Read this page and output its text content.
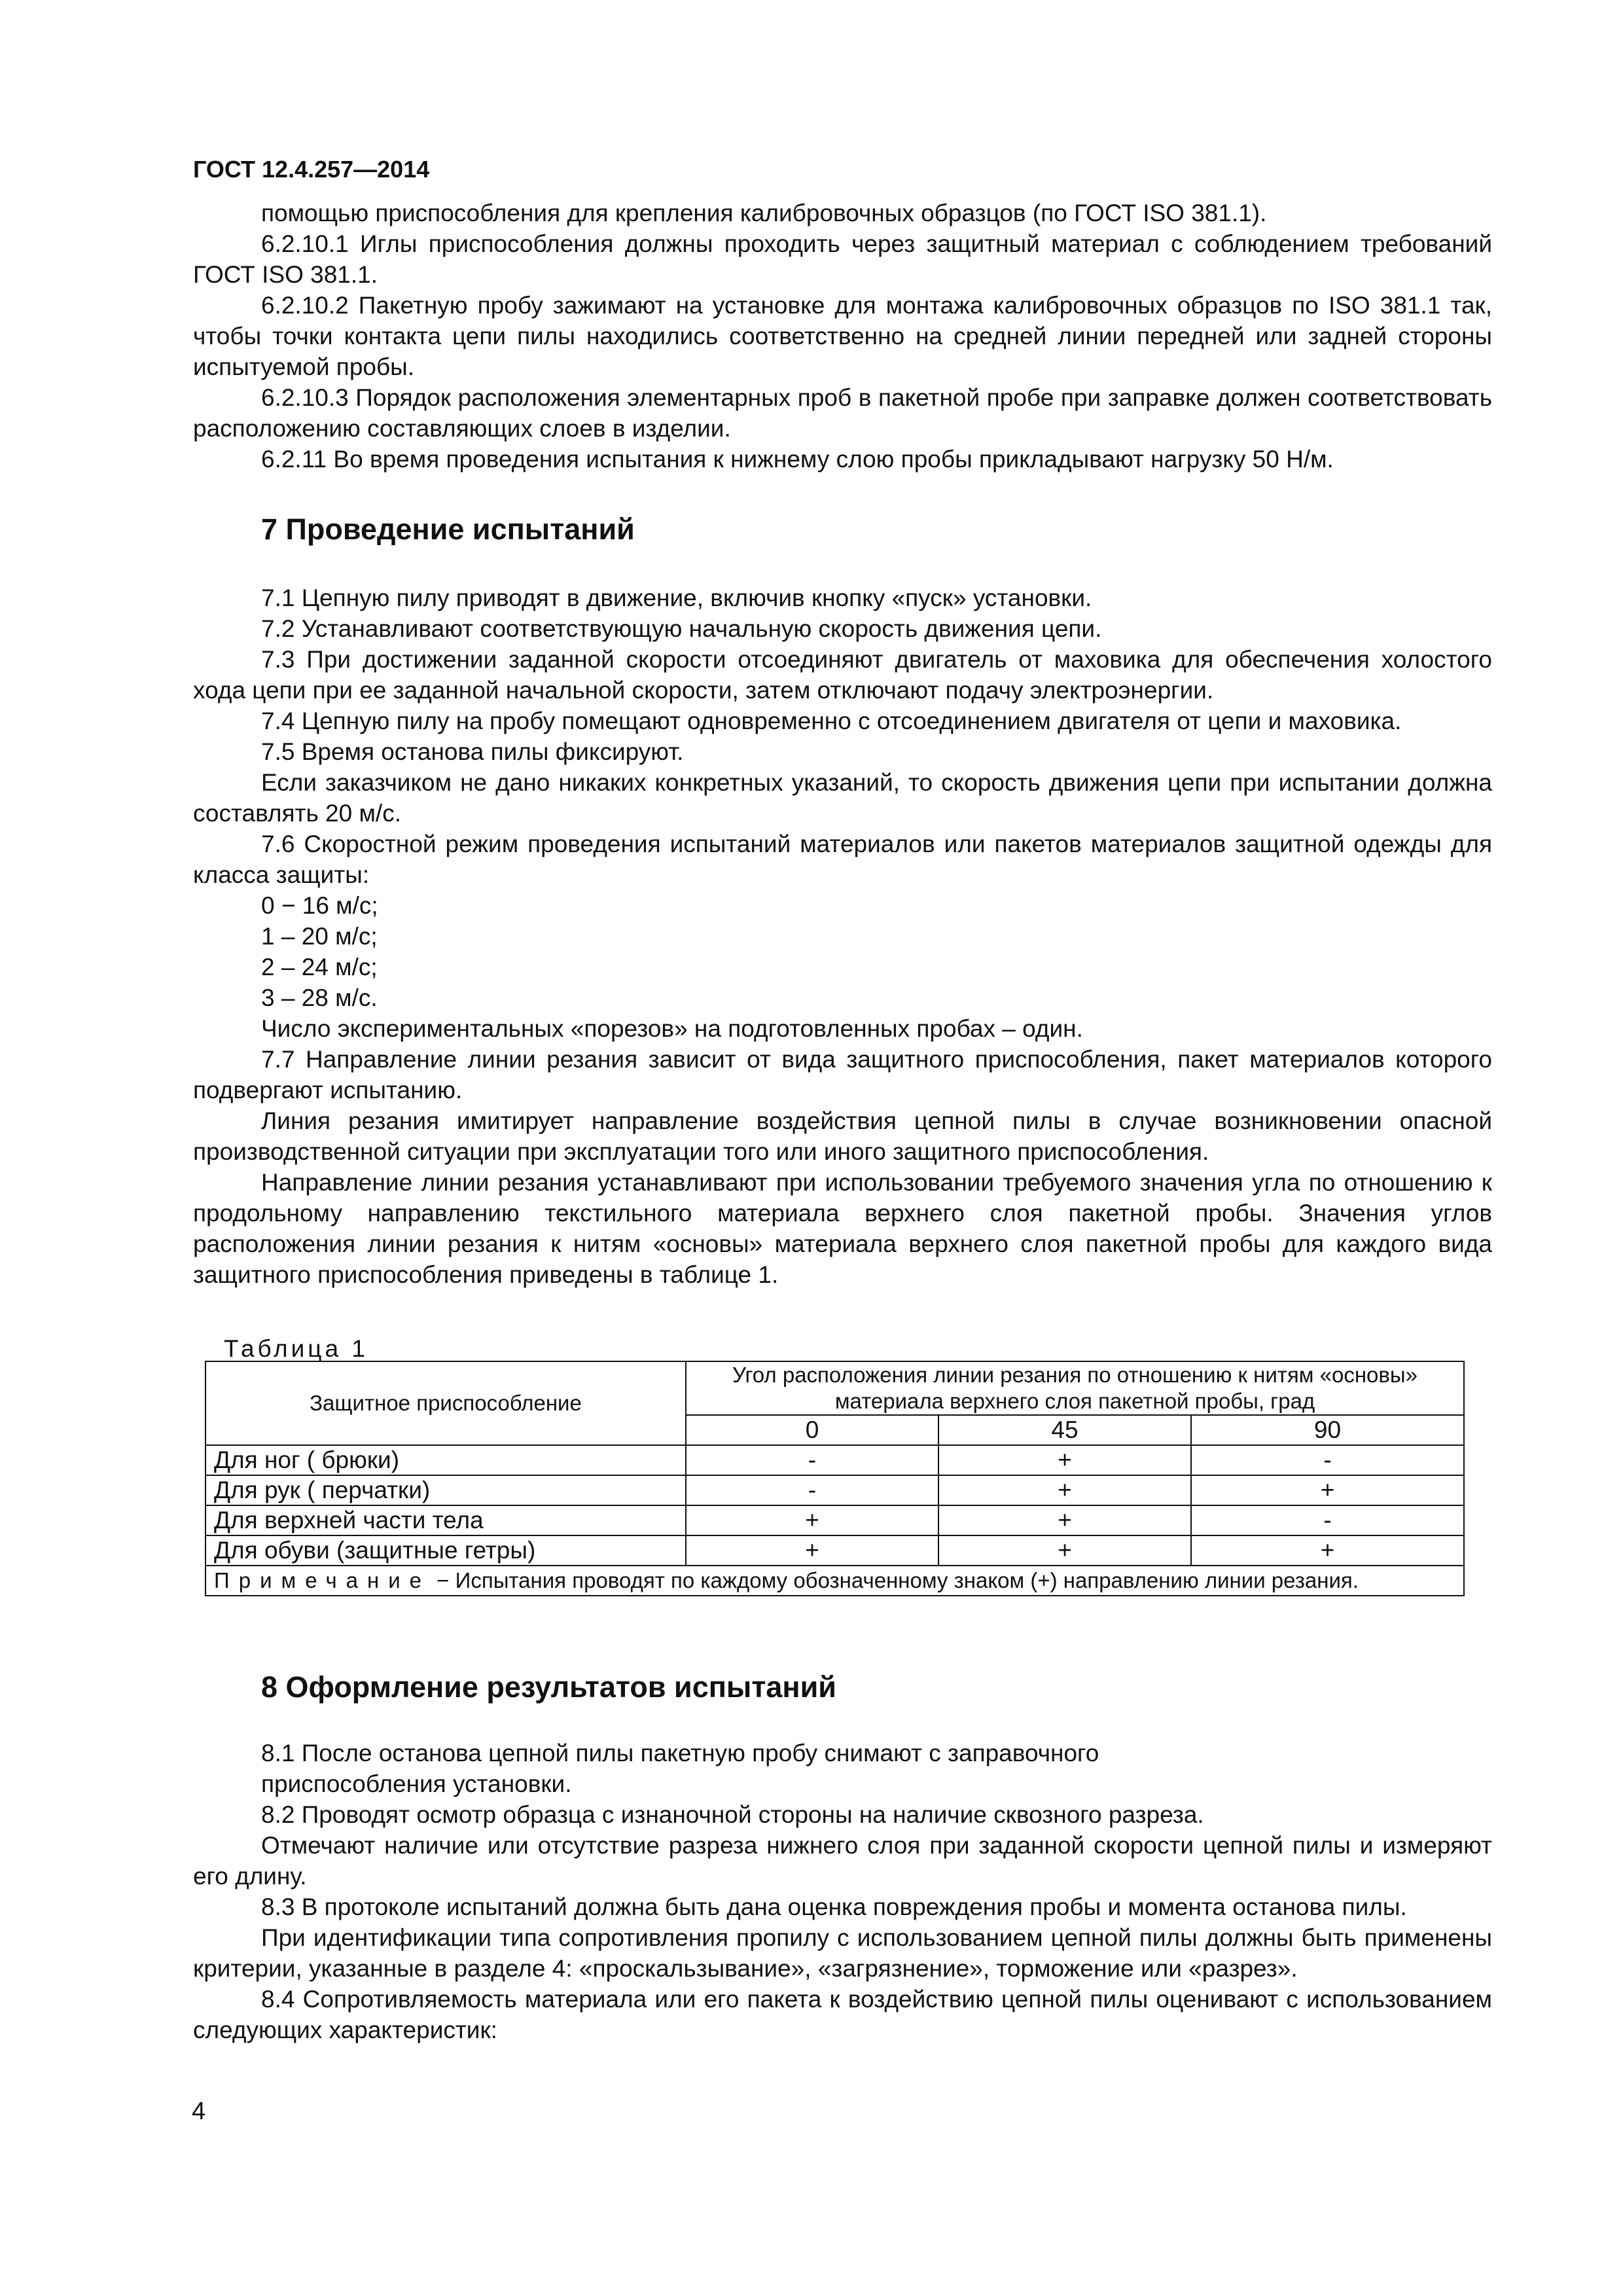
ГОСТ 12.4.257—2014

помощью приспособления для крепления калибровочных образцов (по ГОСТ ISO 381.1).

6.2.10.1 Иглы приспособления должны проходить через защитный материал с соблюдением требований ГОСТ ISO 381.1.

6.2.10.2 Пакетную пробу зажимают на установке для монтажа калибровочных образцов по ISO 381.1 так, чтобы точки контакта цепи пилы находились соответственно на средней линии передней или задней стороны испытуемой пробы.

6.2.10.3 Порядок расположения элементарных проб в пакетной пробе при заправке должен соответствовать расположению составляющих слоев в изделии.

6.2.11 Во время проведения испытания к нижнему слою пробы прикладывают нагрузку 50 Н/м.

7 Проведение испытаний

7.1 Цепную пилу приводят в движение, включив кнопку «пуск» установки.

7.2 Устанавливают соответствующую начальную скорость движения цепи.

7.3 При достижении заданной скорости отсоединяют двигатель от маховика для обеспечения холостого хода цепи при ее заданной начальной скорости, затем отключают подачу электроэнергии.

7.4 Цепную пилу на пробу помещают одновременно с отсоединением двигателя от цепи и маховика.

7.5 Время останова пилы фиксируют.

Если заказчиком не дано никаких конкретных указаний, то скорость движения цепи при испытании должна составлять 20 м/с.

7.6 Скоростной режим проведения испытаний материалов или пакетов материалов защитной одежды для класса защиты:

0 − 16 м/с;

1 – 20 м/с;

2 – 24 м/с;

3 – 28 м/с.

Число экспериментальных «порезов» на подготовленных пробах – один.

7.7 Направление линии резания зависит от вида защитного приспособления, пакет материалов которого подвергают испытанию.

Линия резания имитирует направление воздействия цепной пилы в случае возникновении опасной производственной ситуации при эксплуатации того или иного защитного приспособления.

Направление линии резания устанавливают при использовании требуемого значения угла по отношению к продольному направлению текстильного материала верхнего слоя пакетной пробы. Значения углов расположения линии резания к нитям «основы» материала верхнего слоя пакетной пробы для каждого вида защитного приспособления приведены в таблице 1.

Таблица 1
Защитное приспособление	Угол расположения линии резания по отношению к нитям «основы» материала верхнего слоя пакетной пробы, град		
	0	45	90
Для ног ( брюки)	-	+	-
Для рук ( перчатки)	-	+	+
Для верхней части тела	+	+	-
Для обуви (защитные гетры)	+	+	+
Примечание − Испытания проводят по каждому обозначенному знаком (+) направлению линии резания.			
8 Оформление результатов испытаний

8.1 После останова цепной пилы пакетную пробу снимают с заправочного

приспособления установки.

8.2 Проводят осмотр образца с изнаночной стороны на наличие сквозного разреза.

Отмечают наличие или отсутствие разреза нижнего слоя при заданной скорости цепной пилы и измеряют его длину.

8.3 В протоколе испытаний должна быть дана оценка повреждения пробы и момента останова пилы.

При идентификации типа сопротивления пропилу с использованием цепной пилы должны быть применены критерии, указанные в разделе 4: «проскальзывание», «загрязнение», торможение или «разрез».

8.4 Сопротивляемость материала или его пакета к воздействию цепной пилы оценивают с использованием следующих характеристик:

4
